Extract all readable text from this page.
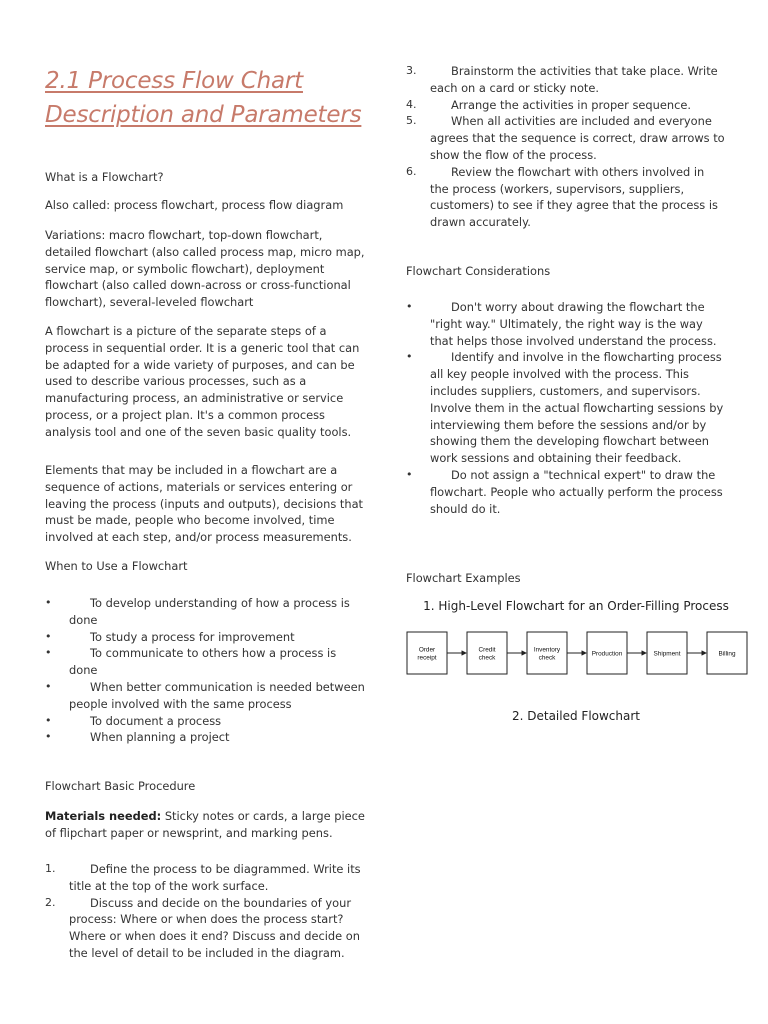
2.1 Process Flow Chart Description and Parameters
What is a Flowchart?
Also called: process flowchart, process flow diagram
Variations: macro flowchart, top-down flowchart, detailed flowchart (also called process map, micro map, service map, or symbolic flowchart), deployment flowchart (also called down-across or cross-functional flowchart), several-leveled flowchart
A flowchart is a picture of the separate steps of a process in sequential order. It is a generic tool that can be adapted for a wide variety of purposes, and can be used to describe various processes, such as a manufacturing process, an administrative or service process, or a project plan. It's a common process analysis tool and one of the seven basic quality tools.
Elements that may be included in a flowchart are a sequence of actions, materials or services entering or leaving the process (inputs and outputs), decisions that must be made, people who become involved, time involved at each step, and/or process measurements.
When to Use a Flowchart
•	To develop understanding of how a process is done
•	To study a process for improvement
•	To communicate to others how a process is done
•	When better communication is needed between people involved with the same process
•	To document a process
•	When planning a project
Flowchart Basic Procedure
Materials needed: Sticky notes or cards, a large piece of flipchart paper or newsprint, and marking pens.
1.	Define the process to be diagrammed. Write its title at the top of the work surface.
2.	Discuss and decide on the boundaries of your process: Where or when does the process start? Where or when does it end? Discuss and decide on the level of detail to be included in the diagram.
3.	Brainstorm the activities that take place. Write each on a card or sticky note.
4.	Arrange the activities in proper sequence.
5.	When all activities are included and everyone agrees that the sequence is correct, draw arrows to show the flow of the process.
6.	Review the flowchart with others involved in the process (workers, supervisors, suppliers, customers) to see if they agree that the process is drawn accurately.
Flowchart Considerations
•	Don't worry about drawing the flowchart the "right way." Ultimately, the right way is the way that helps those involved understand the process.
•	Identify and involve in the flowcharting process all key people involved with the process. This includes suppliers, customers, and supervisors. Involve them in the actual flowcharting sessions by interviewing them before the sessions and/or by showing them the developing flowchart between work sessions and obtaining their feedback.
•	Do not assign a "technical expert" to draw the flowchart. People who actually perform the process should do it.
Flowchart Examples
1. High-Level Flowchart for an Order-Filling Process
Order
receipt
Credit
check
Inventory
check
Production	Shipment	Billing
2. Detailed Flowchart
